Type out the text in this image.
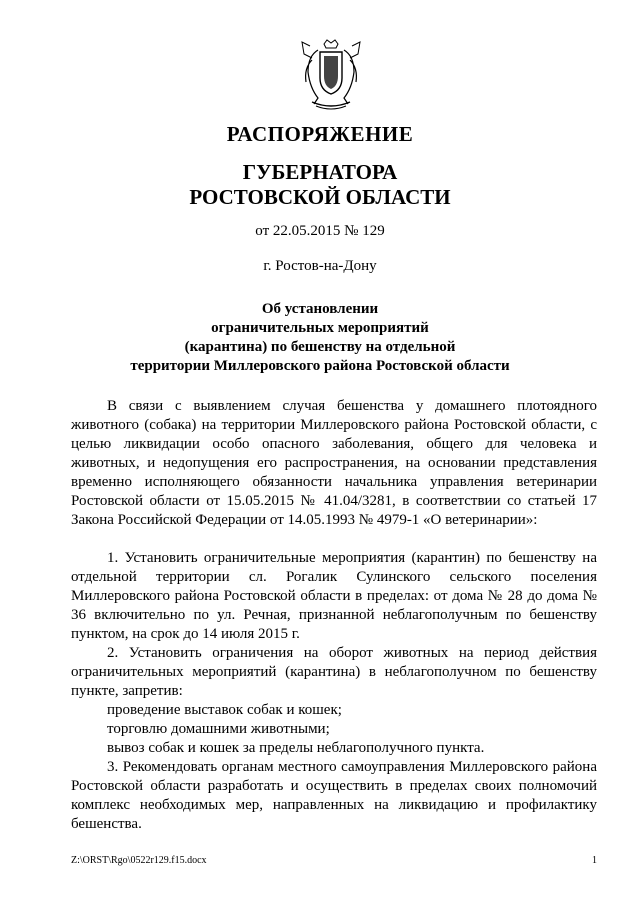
РАСПОРЯЖЕНИЕ
ГУБЕРНАТОРА
РОСТОВСКОЙ ОБЛАСТИ
от 22.05.2015 № 129
г. Ростов-на-Дону
Об установлении
ограничительных мероприятий
(карантина) по бешенству на отдельной
территории Миллеровского района Ростовской области

В связи с выявлением случая бешенства у домашнего плотоядного животного (собака) на территории Миллеровского района Ростовской области, с целью ликвидации особо опасного заболевания, общего для человека и животных, и недопущения его распространения, на основании представления временно исполняющего обязанности начальника управления ветеринарии Ростовской области от 15.05.2015 № 41.04/3281, в соответствии со статьей 17 Закона Российской Федерации от 14.05.1993 № 4979-1 «О ветеринарии»:

1. Установить ограничительные мероприятия (карантин) по бешенству на отдельной территории сл. Рогалик Сулинского сельского поселения Миллеровского района Ростовской области в пределах: от дома № 28 до дома № 36 включительно по ул. Речная, признанной неблагополучным по бешенству пунктом, на срок до 14 июля 2015 г.

2. Установить ограничения на оборот животных на период действия ограничительных мероприятий (карантина) в неблагополучном по бешенству пункте, запретив:

проведение выставок собак и кошек;

торговлю домашними животными;

вывоз собак и кошек за пределы неблагополучного пункта.

3. Рекомендовать органам местного самоуправления Миллеровского района Ростовской области разработать и осуществить в пределах своих полномочий комплекс необходимых мер, направленных на ликвидацию и профилактику бешенства.

Z:\ORST\Rgo\0522r129.f15.docx	1
